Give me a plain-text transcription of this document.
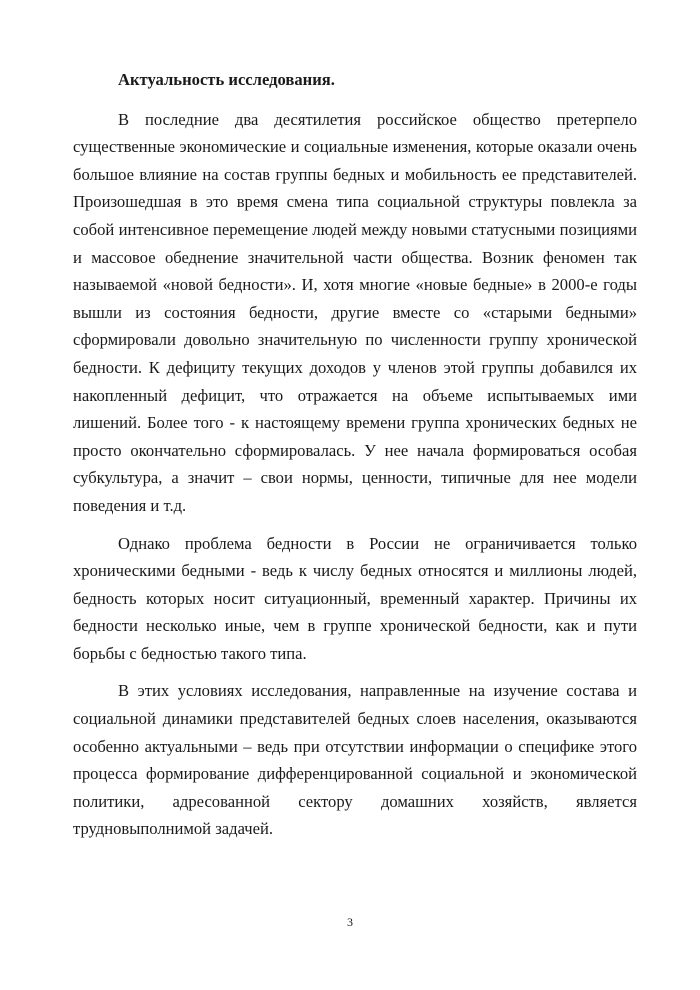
Актуальность исследования.

В последние два десятилетия российское общество претерпело существенные экономические и социальные изменения, которые оказали очень большое влияние на состав группы бедных и мобильность ее представителей. Произошедшая в это время смена типа социальной структуры повлекла за собой интенсивное перемещение людей между новыми статусными позициями и массовое обеднение значительной части общества. Возник феномен так называемой «новой бедности». И, хотя многие «новые бедные» в 2000-е годы вышли из состояния бедности, другие вместе со «старыми бедными» сформировали довольно значительную по численности группу хронической бедности. К дефициту текущих доходов у членов этой группы добавился их накопленный дефицит, что отражается на объеме испытываемых ими лишений. Более того - к настоящему времени группа хронических бедных не просто окончательно сформировалась. У нее начала формироваться особая субкультура, а значит – свои нормы, ценности, типичные для нее модели поведения и т.д.

Однако проблема бедности в России не ограничивается только хроническими бедными - ведь к числу бедных относятся и миллионы людей, бедность которых носит ситуационный, временный характер. Причины их бедности несколько иные, чем в группе хронической бедности, как и пути борьбы с бедностью такого типа.

В этих условиях исследования, направленные на изучение состава и социальной динамики представителей бедных слоев населения, оказываются особенно актуальными – ведь при отсутствии информации о специфике этого процесса формирование дифференцированной социальной и экономической политики, адресованной сектору домашних хозяйств, является трудновыполнимой задачей.

3
